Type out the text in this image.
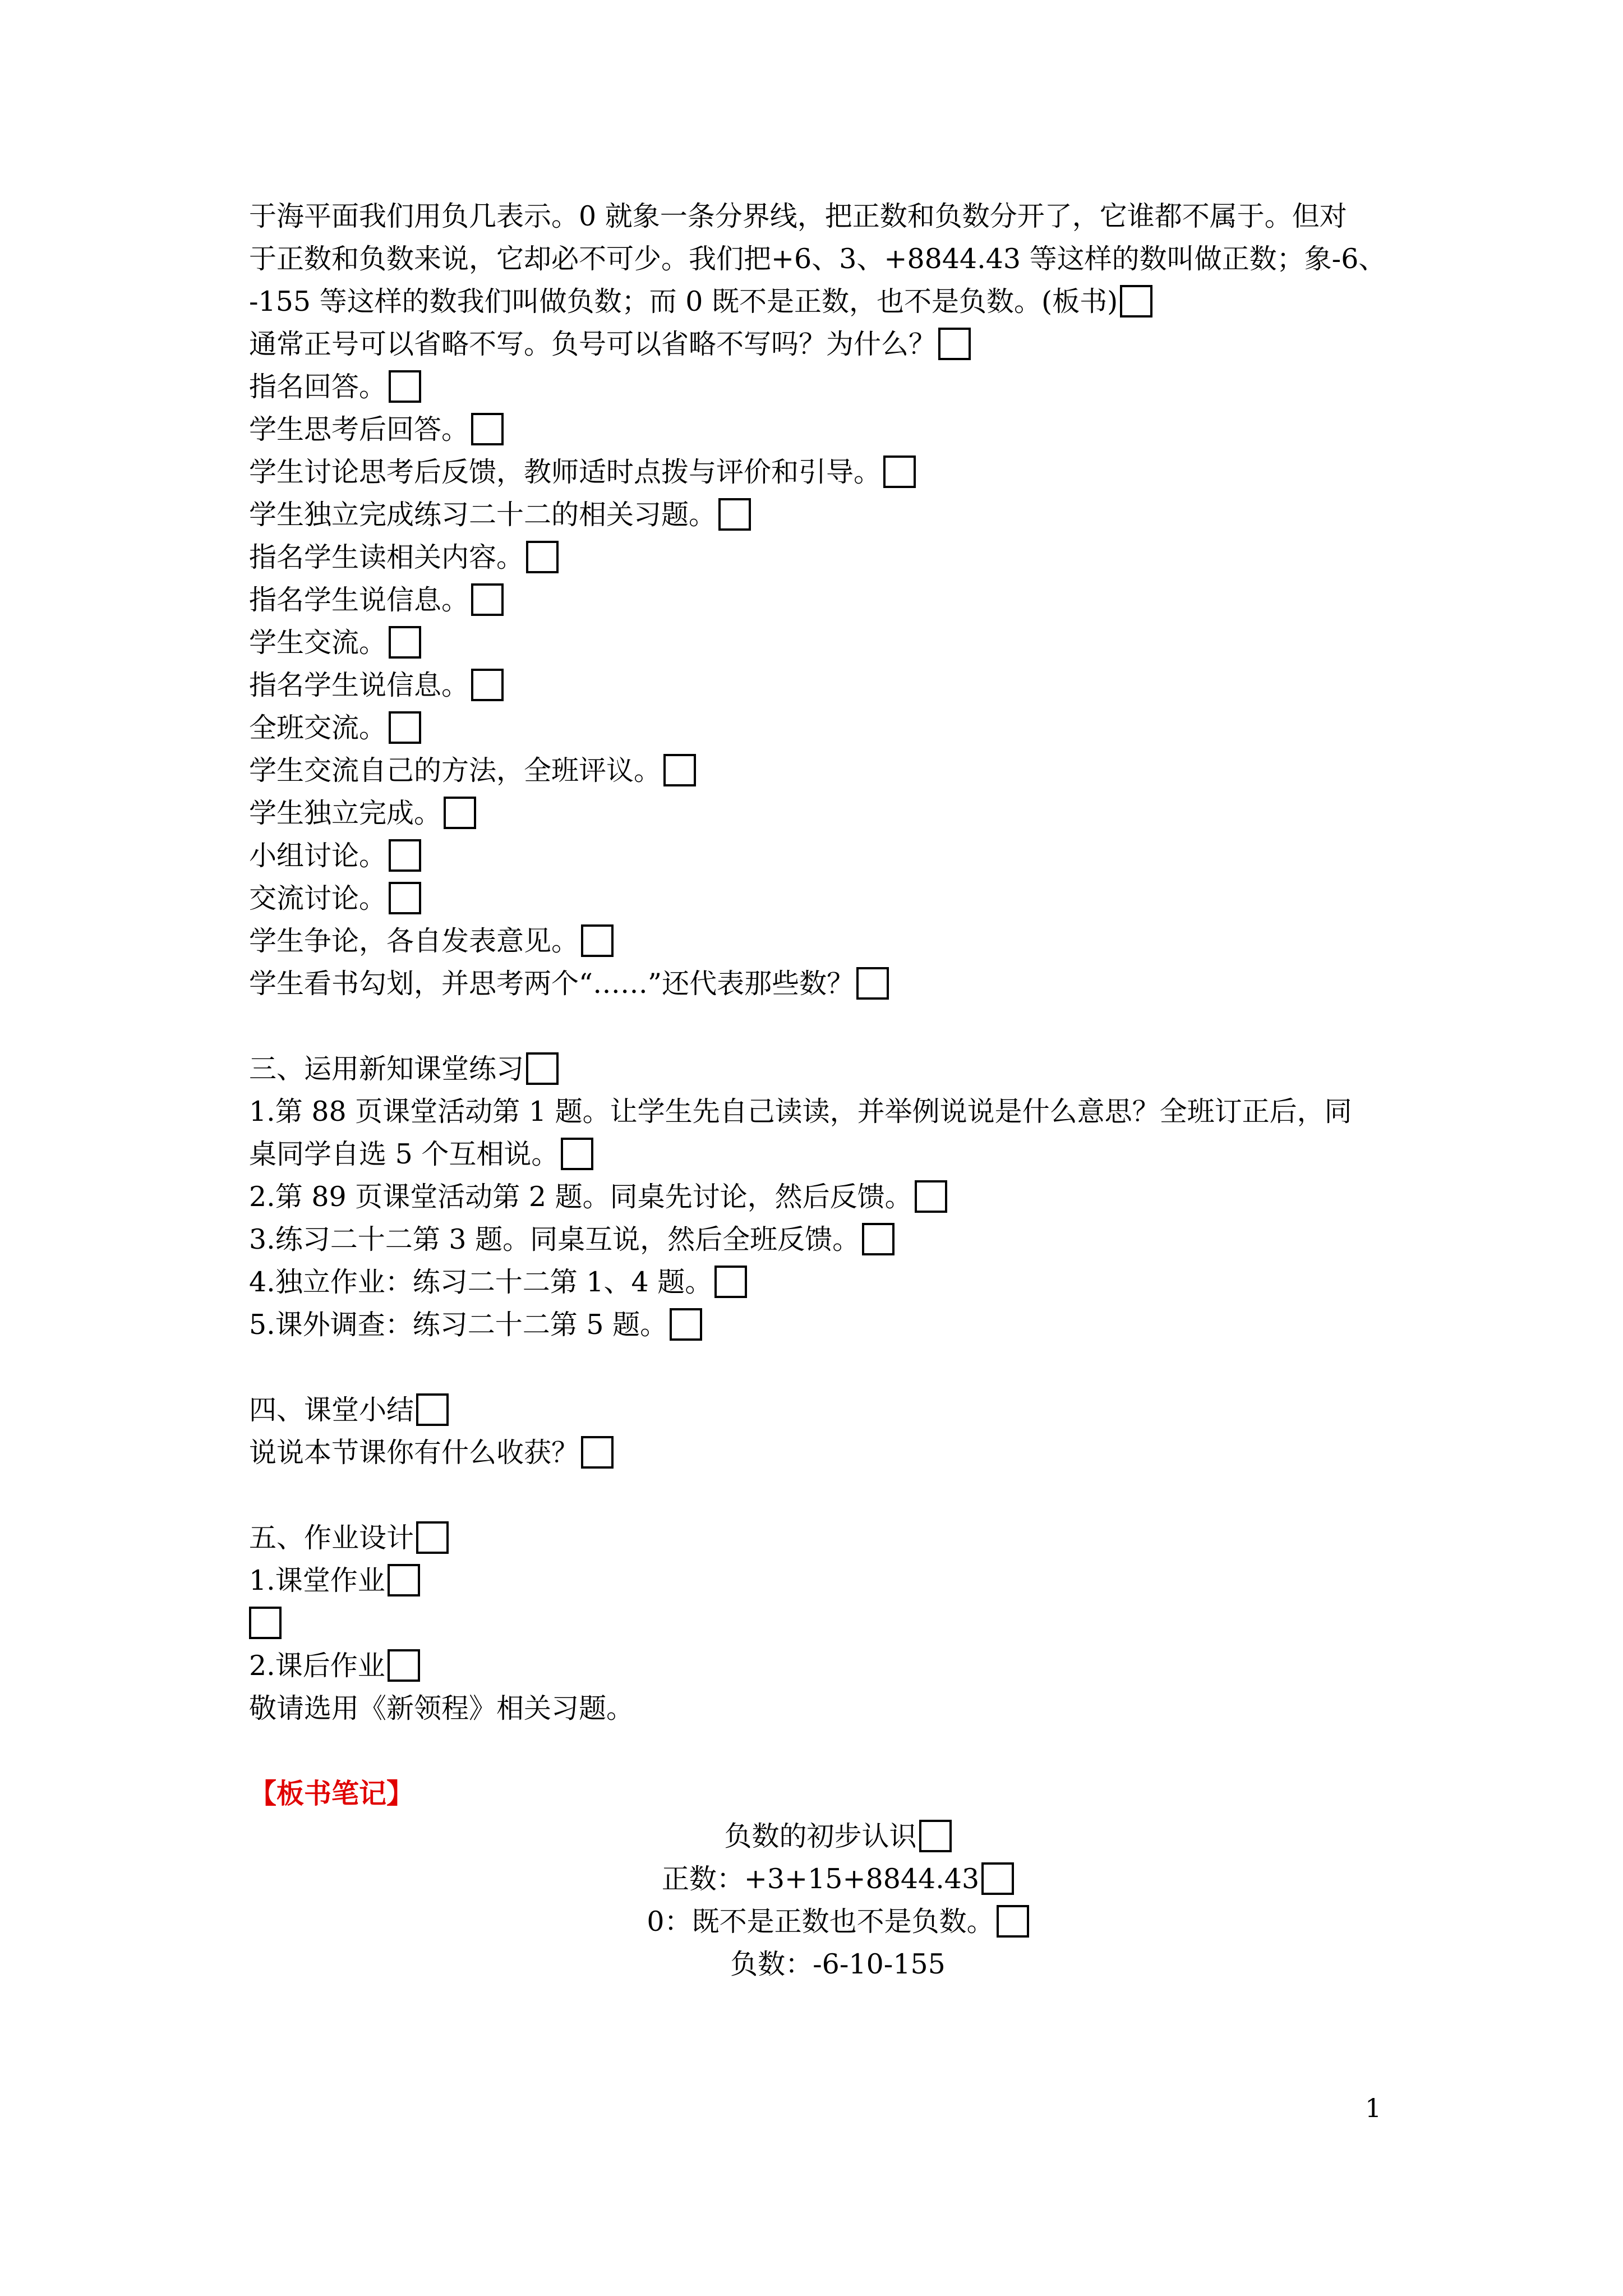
于海平面我们用负几表示。0 就象一条分界线，把正数和负数分开了，它谁都不属于。但对
于正数和负数来说，它却必不可少。我们把+6、3、+8844.43 等这样的数叫做正数；象-6、
-155 等这样的数我们叫做负数；而 0 既不是正数，也不是负数。(板书)
通常正号可以省略不写。负号可以省略不写吗？为什么？
指名回答。
学生思考后回答。
学生讨论思考后反馈，教师适时点拨与评价和引导。
学生独立完成练习二十二的相关习题。
指名学生读相关内容。
指名学生说信息。
学生交流。
指名学生说信息。
全班交流。
学生交流自己的方法，全班评议。
学生独立完成。
小组讨论。
交流讨论。
学生争论，各自发表意见。
学生看书勾划，并思考两个“……”还代表那些数？
三、运用新知课堂练习
1.第 88 页课堂活动第 1 题。让学生先自己读读，并举例说说是什么意思？全班订正后，同
桌同学自选 5 个互相说。
2.第 89 页课堂活动第 2 题。同桌先讨论，然后反馈。
3.练习二十二第 3 题。同桌互说，然后全班反馈。
4.独立作业：练习二十二第 1、4 题。
5.课外调查：练习二十二第 5 题。
四、课堂小结
说说本节课你有什么收获？
五、作业设计
1.课堂作业
2.课后作业
敬请选用《新领程》相关习题。
【板书笔记】
负数的初步认识
正数：+3+15+8844.43
0：既不是正数也不是负数。
负数：-6-10-155
1
